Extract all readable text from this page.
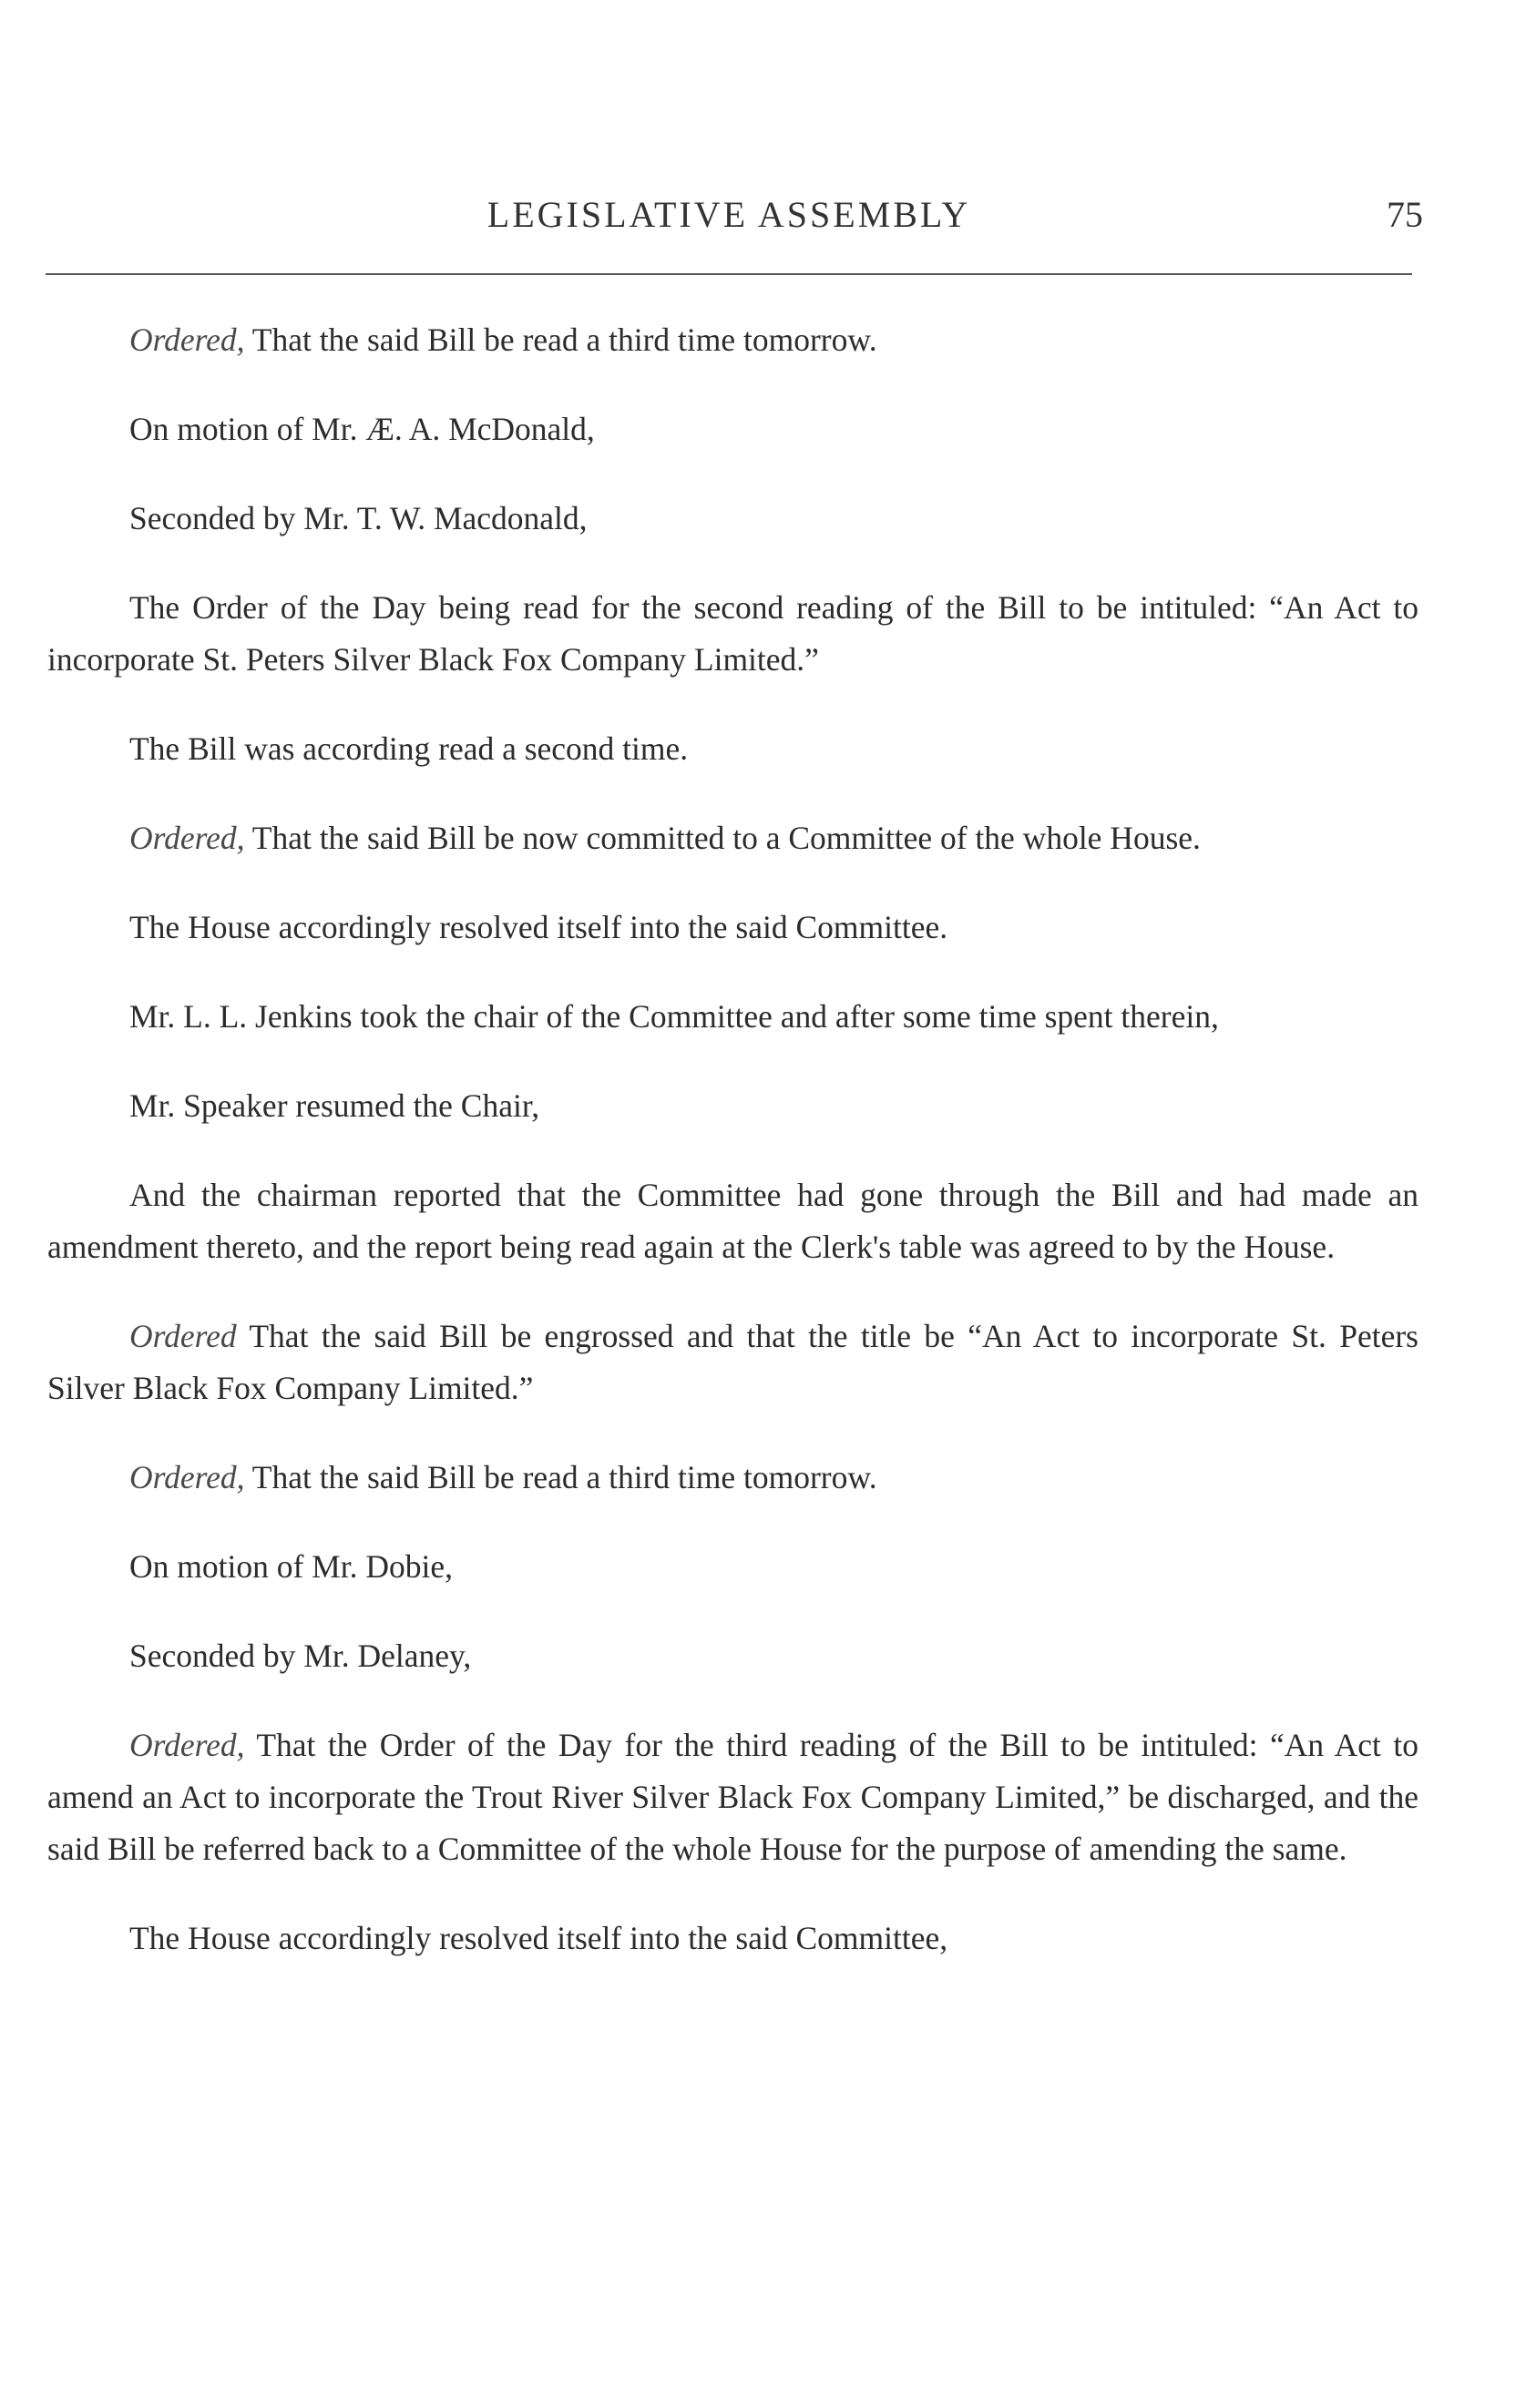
LEGISLATIVE ASSEMBLY	75

Ordered, That the said Bill be read a third time tomorrow.

On motion of Mr. Æ. A. McDonald,

Seconded by Mr. T. W. Macdonald,

The Order of the Day being read for the second reading of the Bill to be intituled: “An Act to incorporate St. Peters Silver Black Fox Company Limited.”

The Bill was according read a second time.

Ordered, That the said Bill be now committed to a Committee of the whole House.

The House accordingly resolved itself into the said Committee.

Mr. L. L. Jenkins took the chair of the Committee and after some time spent therein,

Mr. Speaker resumed the Chair,

And the chairman reported that the Committee had gone through the Bill and had made an amendment thereto, and the report being read again at the Clerk's table was agreed to by the House.

Ordered That the said Bill be engrossed and that the title be “An Act to incorporate St. Peters Silver Black Fox Company Limited.”

Ordered, That the said Bill be read a third time tomorrow.

On motion of Mr. Dobie,

Seconded by Mr. Delaney,

Ordered, That the Order of the Day for the third reading of the Bill to be intituled: “An Act to amend an Act to incorporate the Trout River Silver Black Fox Company Limited,” be discharged, and the said Bill be referred back to a Committee of the whole House for the purpose of amending the same.

The House accordingly resolved itself into the said Committee,
